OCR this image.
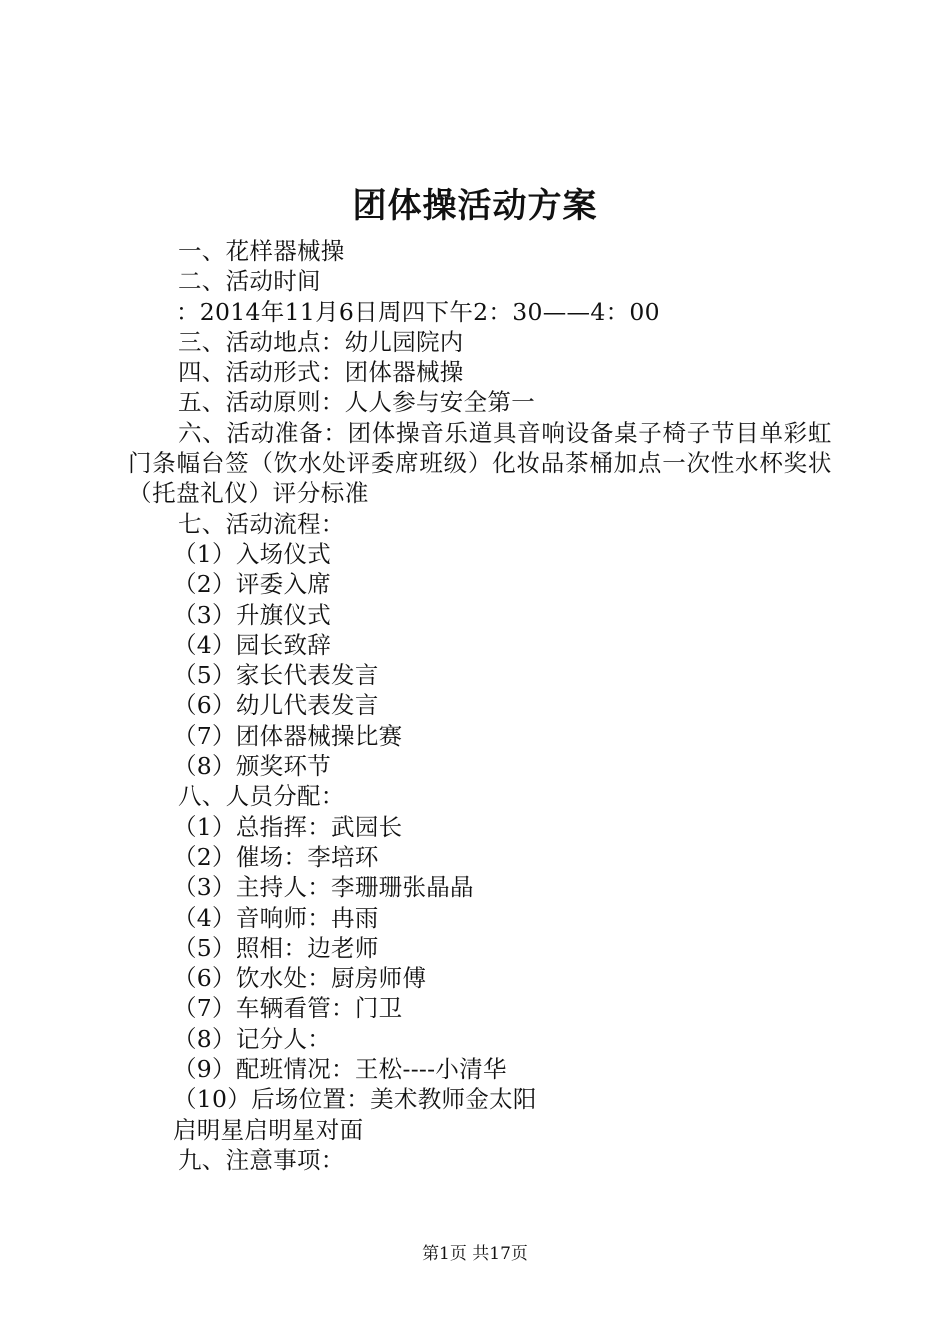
团体操活动方案
一、花样器械操
二、活动时间
：2014年11月6日周四下午2：30——4：00
三、活动地点：幼儿园院内
四、活动形式：团体器械操
五、活动原则：人人参与安全第一
六、活动准备：团体操音乐道具音响设备桌子椅子节目单彩虹门条幅台签（饮水处评委席班级）化妆品茶桶加点一次性水杯奖状（托盘礼仪）评分标准
七、活动流程：
（1）入场仪式
（2）评委入席
（3）升旗仪式
（4）园长致辞
（5）家长代表发言
（6）幼儿代表发言
（7）团体器械操比赛
（8）颁奖环节
八、人员分配：
（1）总指挥：武园长
（2）催场：李培环
（3）主持人：李珊珊张晶晶
（4）音响师：冉雨
（5）照相：边老师
（6）饮水处：厨房师傅
（7）车辆看管：门卫
（8）记分人：
（9）配班情况：王松----小清华
（10）后场位置：美术教师金太阳
启明星启明星对面
九、注意事项：
第1页 共17页
